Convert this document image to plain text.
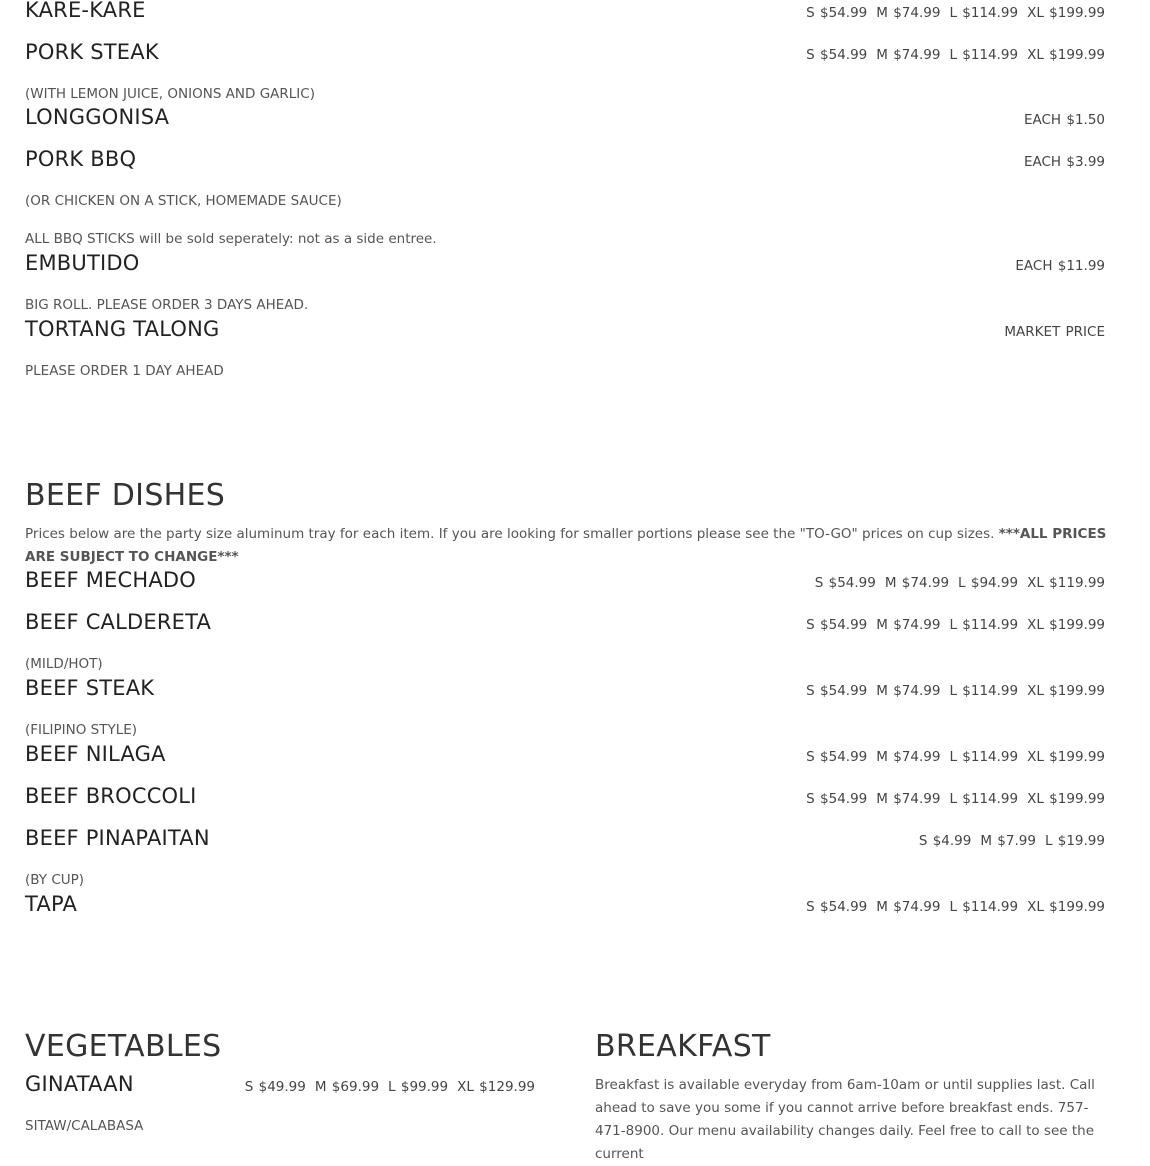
KARE-KARE	S $54.99 M $74.99 L $114.99 XL $199.99
PORK STEAK	S $54.99 M $74.99 L $114.99 XL $199.99
(WITH LEMON JUICE, ONIONS AND GARLIC)
LONGGONISA	EACH $1.50
PORK BBQ	EACH $3.99
(OR CHICKEN ON A STICK, HOMEMADE SAUCE)
ALL BBQ STICKS will be sold seperately: not as a side entree.
EMBUTIDO	EACH $11.99
BIG ROLL. PLEASE ORDER 3 DAYS AHEAD.
TORTANG TALONG	MARKET PRICE
PLEASE ORDER 1 DAY AHEAD
BEEF DISHES
Prices below are the party size aluminum tray for each item. If you are looking for smaller portions please see the "TO-GO" prices on cup sizes. ***ALL PRICES ARE SUBJECT TO CHANGE***
BEEF MECHADO	S $54.99 M $74.99 L $94.99 XL $119.99
BEEF CALDERETA	S $54.99 M $74.99 L $114.99 XL $199.99
(MILD/HOT)
BEEF STEAK	S $54.99 M $74.99 L $114.99 XL $199.99
(FILIPINO STYLE)
BEEF NILAGA	S $54.99 M $74.99 L $114.99 XL $199.99
BEEF BROCCOLI	S $54.99 M $74.99 L $114.99 XL $199.99
BEEF PINAPAITAN	S $4.99 M $7.99 L $19.99
(BY CUP)
TAPA	S $54.99 M $74.99 L $114.99 XL $199.99
VEGETABLES
GINATAAN	S $49.99 M $69.99 L $99.99 XL $129.99
SITAW/CALABASA
BREAKFAST
Breakfast is available everyday from 6am-10am or until supplies last. Call ahead to save you some if you cannot arrive before breakfast ends. 757-471-8900. Our menu availability changes daily. Feel free to call to see the current
